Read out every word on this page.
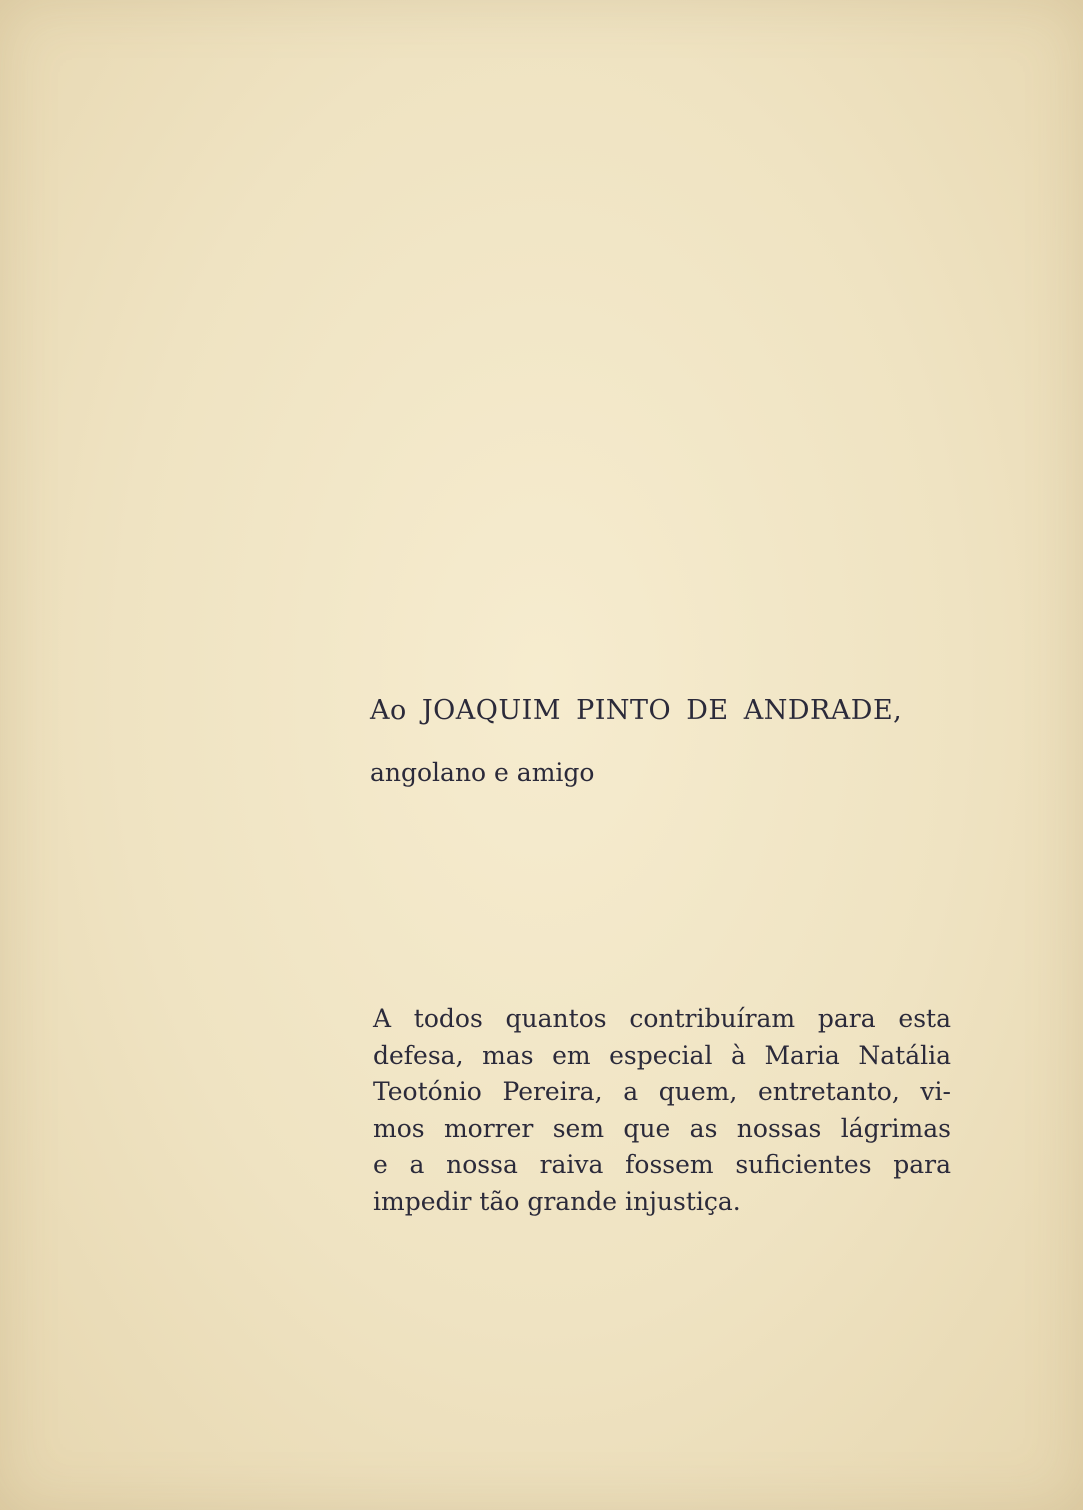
Ao JOAQUIM PINTO DE ANDRADE,
angolano e amigo
A todos quantos contribuíram para esta
defesa, mas em especial à Maria Natália
Teotónio Pereira, a quem, entretanto, vi-
mos morrer sem que as nossas lágrimas
e a nossa raiva fossem suficientes para
impedir tão grande injustiça.
